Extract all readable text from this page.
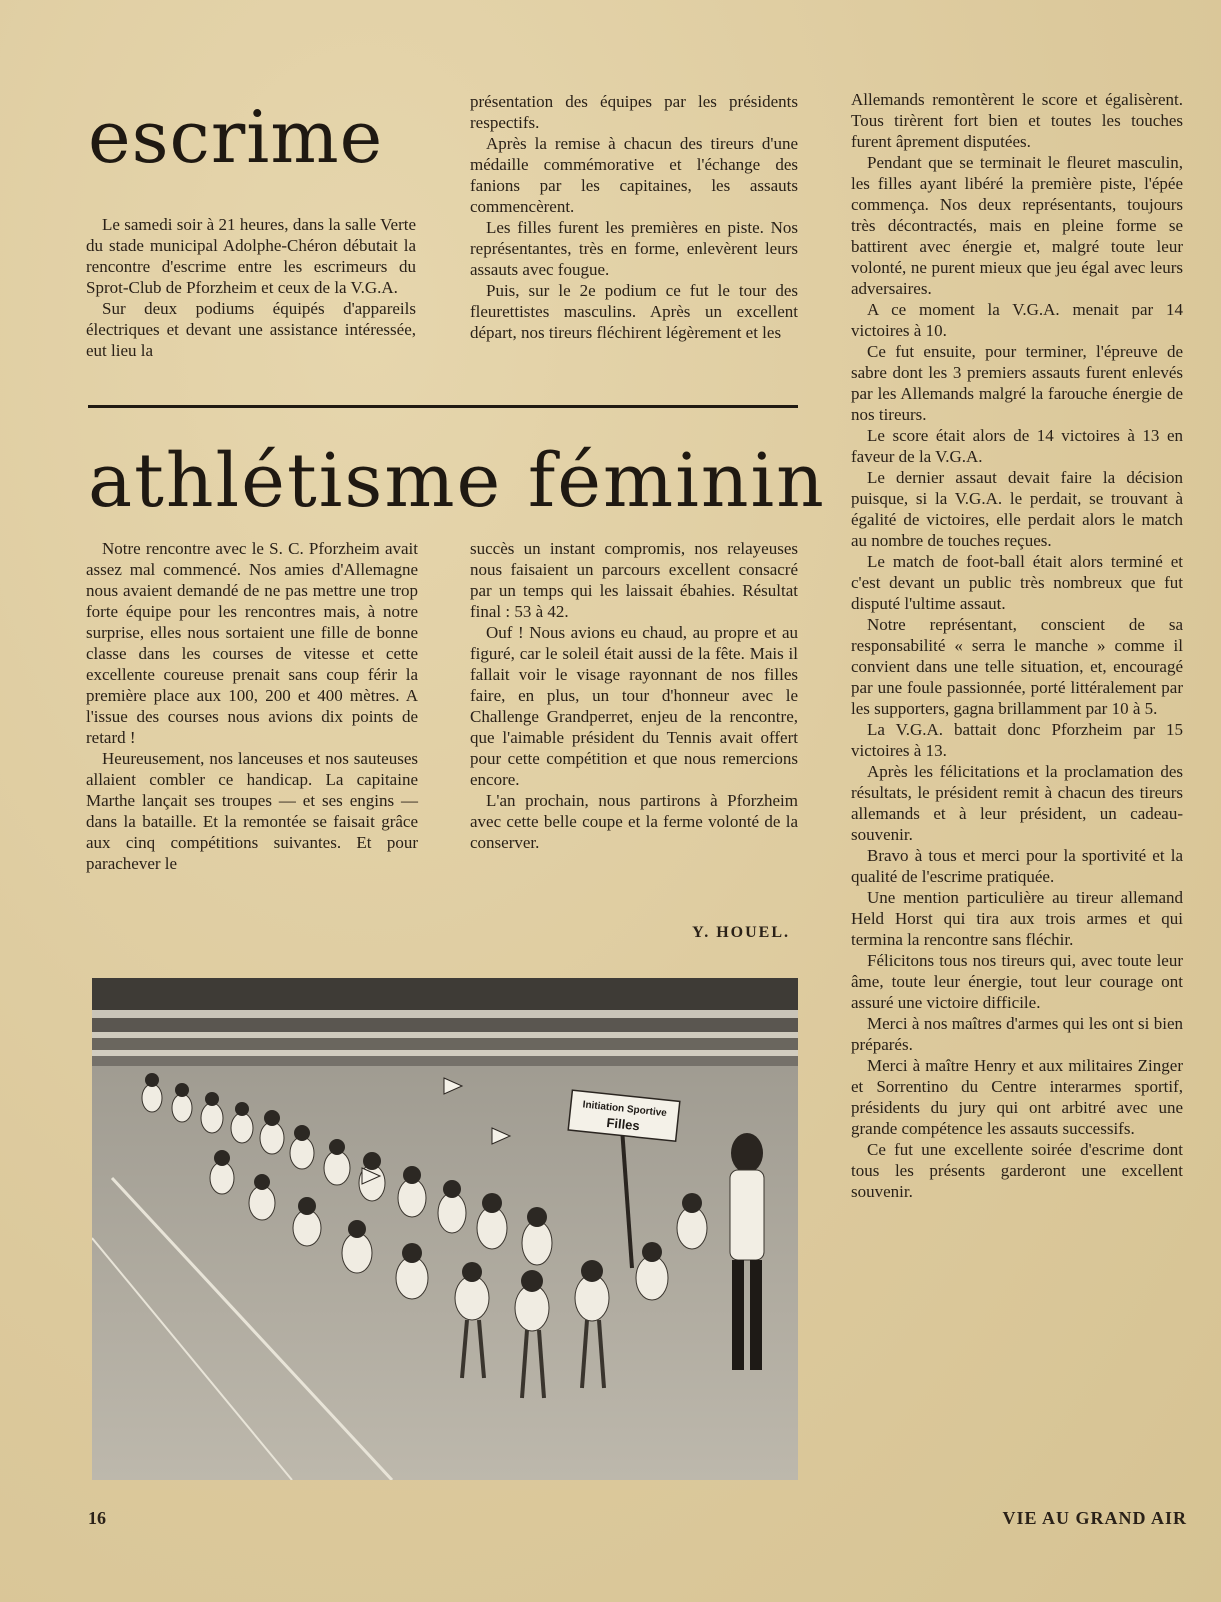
escrime

Le samedi soir à 21 heures, dans la salle Verte du stade municipal Adolphe-Chéron débutait la rencontre d'escrime entre les escrimeurs du Sprot-Club de Pforzheim et ceux de la V.G.A.

Sur deux podiums équipés d'appareils électriques et devant une assistance intéressée, eut lieu la

présentation des équipes par les présidents respectifs.

Après la remise à chacun des tireurs d'une médaille commémorative et l'échange des fanions par les capitaines, les assauts commencèrent.

Les filles furent les premières en piste. Nos représentantes, très en forme, enlevèrent leurs assauts avec fougue.

Puis, sur le 2e podium ce fut le tour des fleurettistes masculins. Après un excellent départ, nos tireurs fléchirent légèrement et les

Allemands remontèrent le score et égalisèrent. Tous tirèrent fort bien et toutes les touches furent âprement disputées.

Pendant que se terminait le fleuret masculin, les filles ayant libéré la première piste, l'épée commença. Nos deux représentants, toujours très décontractés, mais en pleine forme se battirent avec énergie et, malgré toute leur volonté, ne purent mieux que jeu égal avec leurs adversaires.

A ce moment la V.G.A. menait par 14 victoires à 10.

Ce fut ensuite, pour terminer, l'épreuve de sabre dont les 3 premiers assauts furent enlevés par les Allemands malgré la farouche énergie de nos tireurs.

Le score était alors de 14 victoires à 13 en faveur de la V.G.A.

Le dernier assaut devait faire la décision puisque, si la V.G.A. le perdait, se trouvant à égalité de victoires, elle perdait alors le match au nombre de touches reçues.

Le match de foot-ball était alors terminé et c'est devant un public très nombreux que fut disputé l'ultime assaut.

Notre représentant, conscient de sa responsabilité « serra le manche » comme il convient dans une telle situation, et, encouragé par une foule passionnée, porté littéralement par les supporters, gagna brillamment par 10 à 5.

La V.G.A. battait donc Pforzheim par 15 victoires à 13.

Après les félicitations et la proclamation des résultats, le président remit à chacun des tireurs allemands et à leur président, un cadeau-souvenir.

Bravo à tous et merci pour la sportivité et la qualité de l'escrime pratiquée.

Une mention particulière au tireur allemand Held Horst qui tira aux trois armes et qui termina la rencontre sans fléchir.

Félicitons tous nos tireurs qui, avec toute leur âme, toute leur énergie, tout leur courage ont assuré une victoire difficile.

Merci à nos maîtres d'armes qui les ont si bien préparés.

Merci à maître Henry et aux militaires Zinger et Sorrentino du Centre interarmes sportif, présidents du jury qui ont arbitré avec une grande compétence les assauts successifs.

Ce fut une excellente soirée d'escrime dont tous les présents garderont une excellent souvenir.

athlétisme féminin

Notre rencontre avec le S. C. Pforzheim avait assez mal commencé. Nos amies d'Allemagne nous avaient demandé de ne pas mettre une trop forte équipe pour les rencontres mais, à notre surprise, elles nous sortaient une fille de bonne classe dans les courses de vitesse et cette excellente coureuse prenait sans coup férir la première place aux 100, 200 et 400 mètres. A l'issue des courses nous avions dix points de retard !

Heureusement, nos lanceuses et nos sauteuses allaient combler ce handicap. La capitaine Marthe lançait ses troupes — et ses engins — dans la bataille. Et la remontée se faisait grâce aux cinq compétitions suivantes. Et pour parachever le

succès un instant compromis, nos relayeuses nous faisaient un parcours excellent consacré par un temps qui les laissait ébahies. Résultat final : 53 à 42.

Ouf ! Nous avions eu chaud, au propre et au figuré, car le soleil était aussi de la fête. Mais il fallait voir le visage rayonnant de nos filles faire, en plus, un tour d'honneur avec le Challenge Grandperret, enjeu de la rencontre, que l'aimable président du Tennis avait offert pour cette compétition et que nous remercions encore.

L'an prochain, nous partirons à Pforzheim avec cette belle coupe et la ferme volonté de la conserver.

Y. HOUEL.
Initiation Sportive
Filles
16	VIE AU GRAND AIR
